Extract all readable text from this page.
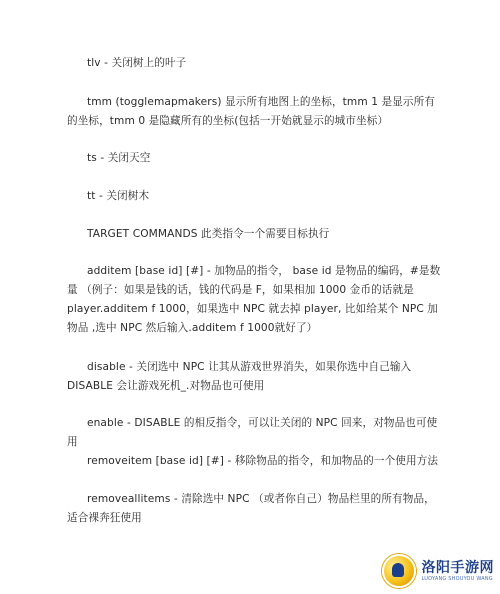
tlv - 关闭树上的叶子
tmm (togglemapmakers) 显示所有地图上的坐标，tmm 1 是显示所有的坐标，tmm 0 是隐藏所有的坐标(包括一开始就显示的城市坐标）
ts - 关闭天空
tt - 关闭树木
TARGET COMMANDS 此类指令一个需要目标执行
additem [base id] [#] - 加物品的指令， base id 是物品的编码，#是数量 （例子：如果是钱的话，钱的代码是 F，如果相加 1000 金币的话就是 player.additem f 1000，如果选中 NPC 就去掉 player, 比如给某个 NPC 加物品 ,选中 NPC 然后输入.additem f 1000就好了）
disable - 关闭选中 NPC 让其从游戏世界消失，如果你选中自己输入 DISABLE 会让游戏死机_.对物品也可使用
enable - DISABLE 的相反指令，可以让关闭的 NPC 回来，对物品也可使用
removeitem [base id] [#] - 移除物品的指令，和加物品的一个使用方法
removeallitems - 清除选中 NPC （或者你自己）物品栏里的所有物品，适合裸奔狂使用
洛阳手游网
LUOYANG SHOUYOU WANG
